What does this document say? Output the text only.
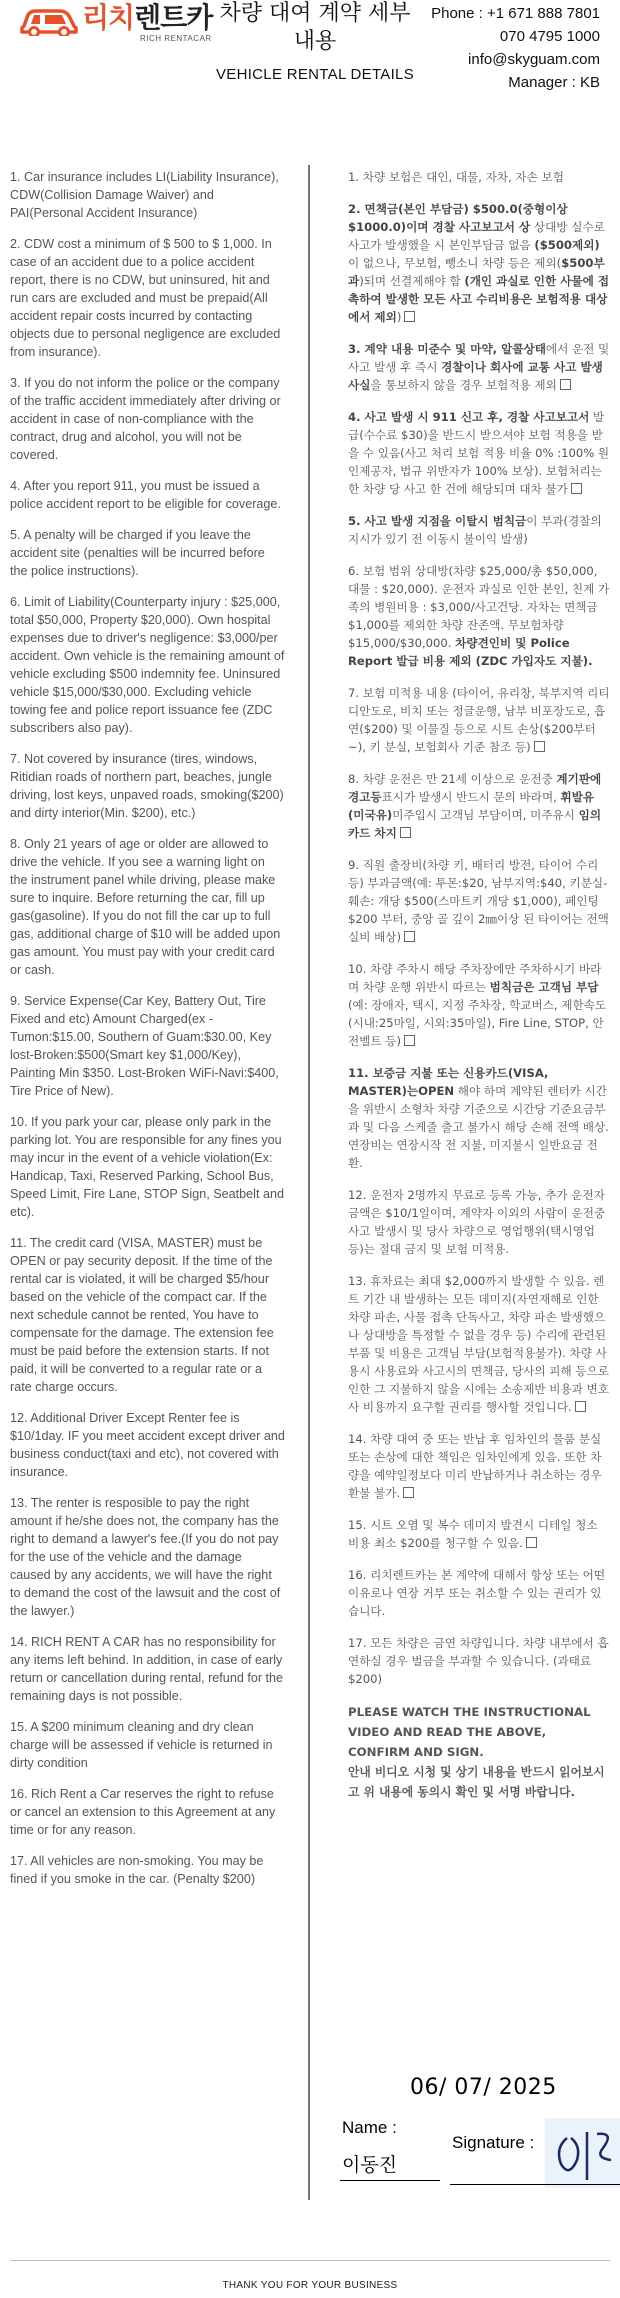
리치렌트카
RICH RENTACAR
차량 대여 계약 세부
내용
VEHICLE RENTAL DETAILS
Phone : +1 671 888 7801
070 4795 1000
info@skyguam.com
Manager : KB

1. Car insurance includes LI(Liability Insurance), CDW(Collision Damage Waiver) and PAI(Personal Accident Insurance)

2. CDW cost a minimum of $ 500 to $ 1,000. In case of an accident due to a police accident report, there is no CDW, but uninsured, hit and run cars are excluded and must be prepaid(All accident repair costs incurred by contacting objects due to personal negligence are excluded from insurance).

3. If you do not inform the police or the company of the traffic accident immediately after driving or accident in case of non-compliance with the contract, drug and alcohol, you will not be covered.

4. After you report 911, you must be issued a police accident report to be eligible for coverage.

5. A penalty will be charged if you leave the accident site (penalties will be incurred before the police instructions).

6. Limit of Liability(Counterparty injury : $25,000, total $50,000, Property $20,000). Own hospital expenses due to driver's negligence: $3,000/per accident. Own vehicle is the remaining amount of vehicle excluding $500 indemnity fee. Uninsured vehicle $15,000/$30,000. Excluding vehicle towing fee and police report issuance fee (ZDC subscribers also pay).

7. Not covered by insurance (tires, windows, Ritidian roads of northern part, beaches, jungle driving, lost keys, unpaved roads, smoking($200) and dirty interior(Min. $200), etc.)

8. Only 21 years of age or older are allowed to drive the vehicle. If you see a warning light on the instrument panel while driving, please make sure to inquire. Before returning the car, fill up gas(gasoline). If you do not fill the car up to full gas, additional charge of $10 will be added upon gas amount. You must pay with your credit card or cash.

9. Service Expense(Car Key, Battery Out, Tire Fixed and etc) Amount Charged(ex - Tumon:$15.00, Southern of Guam:$30.00, Key lost-Broken:$500(Smart key $1,000/Key), Painting Min $350. Lost-Broken WiFi-Navi:$400, Tire Price of New).

10. If you park your car, please only park in the parking lot. You are responsible for any fines you may incur in the event of a vehicle violation(Ex: Handicap, Taxi, Reserved Parking, School Bus, Speed Limit, Fire Lane, STOP Sign, Seatbelt and etc).

11. The credit card (VISA, MASTER) must be OPEN or pay security deposit. If the time of the rental car is violated, it will be charged $5/hour based on the vehicle of the compact car. If the next schedule cannot be rented, You have to compensate for the damage. The extension fee must be paid before the extension starts. If not paid, it will be converted to a regular rate or a rate charge occurs.

12. Additional Driver Except Renter fee is $10/1day. IF you meet accident except driver and business conduct(taxi and etc), not covered with insurance.

13. The renter is resposible to pay the right amount if he/she does not, the company has the right to demand a lawyer's fee.(If you do not pay for the use of the vehicle and the damage caused by any accidents, we will have the right to demand the cost of the lawsuit and the cost of the lawyer.)

14. RICH RENT A CAR has no responsibility for any items left behind. In addition, in case of early return or cancellation during rental, refund for the remaining days is not possible.

15. A $200 minimum cleaning and dry clean charge will be assessed if vehicle is returned in dirty condition

16. Rich Rent a Car reserves the right to refuse or cancel an extension to this Agreement at any time or for any reason.

17. All vehicles are non-smoking. You may be fined if you smoke in the car. (Penalty $200)

1. 차량 보험은 대인, 대물, 자차, 자손 보험
2. 면책금(본인 부담금) $500.0(중형이상 $1000.0)이며 경찰 사고보고서 상 상대방 실수로 사고가 발생했을 시 본인부담금 없음 ($500제외)이 없으나, 무보험, 뺑소니 차량 등은 제외($500부과)되며 선결제해야 함 (개인 과실로 인한 사물에 접촉하여 발생한 모든 사고 수리비용은 보험적용 대상에서 제외)
3. 계약 내용 미준수 및 마약, 알콜상태에서 운전 및 사고 발생 후 즉시 경찰이나 회사에 교통 사고 발생 사실을 통보하지 않을 경우 보험적용 제외
4. 사고 발생 시 911 신고 후, 경찰 사고보고서 발급(수수료 $30)을 반드시 받으셔야 보험 적용을 받을 수 있음(사고 처리 보험 적용 비율 0% :100% 원인제공자, 법규 위반자가 100% 보상). 보험처리는 한 차량 당 사고 한 건에 해당되며 대차 불가
5. 사고 발생 지점을 이탈시 범칙금이 부과(경찰의 지시가 있기 전 이동시 불이익 발생)
6. 보험 범위 상대방(차량 $25,000/총 $50,000, 대물 : $20,000). 운전자 과실로 인한 본인, 친계 가족의 병원비용 : $3,000/사고건당. 자차는 면책금 $1,000를 제외한 차량 잔존액. 무보험차량 $15,000/$30,000. 차량견인비 및 Police Report 발급 비용 제외 (ZDC 가입자도 지불).
7. 보험 미적용 내용 (타이어, 유리창, 북부지역 리티디안도로, 비치 또는 정글운행, 남부 비포장도로, 흡연($200) 및 이물질 등으로 시트 손상($200부터~), 키 분실, 보험회사 기준 참조 등)
8. 차량 운전은 만 21세 이상으로 운전중 계기판에 경고등표시가 발생시 반드시 문의 바라며, 휘발유(미국유)미주입시 고객님 부담이며, 미주유시 임의 카드 차지
9. 직원 출장비(차량 키, 배터리 방전, 타이어 수리등) 부과금액(예: 투몬:$20, 남부지역:$40, 키분실-훼손: 개당 $500(스마트키 개당 $1,000), 페인팅 $200 부터, 중앙 골 깊이 2㎜이상 된 타이어는 전액 실비 배상)
10. 차량 주차시 해당 주차장에만 주차하시기 바라며 차량 운행 위반시 따르는 범칙금은 고객님 부담 (예: 장애자, 택시, 지정 주차장, 학교버스, 제한속도(시내:25마일, 시외:35마일), Fire Line, STOP, 안전벨트 등)
11. 보증금 지불 또는 신용카드(VISA, MASTER)는OPEN 해야 하며 계약된 렌터카 시간을 위반시 소형차 차량 기준으로 시간당 기준요금부과 및 다음 스케줄 출고 불가시 해당 손해 전액 배상. 연장비는 연장시작 전 지불, 미지불시 일반요금 전환.
12. 운전자 2명까지 무료로 등록 가능, 추가 운전자 금액은 $10/1일이며, 계약자 이외의 사람이 운전중 사고 발생시 및 당사 차량으로 영업행위(택시영업 등)는 절대 금지 및 보험 미적용.
13. 휴차료는 최대 $2,000까지 발생할 수 있음. 렌트 기간 내 발생하는 모든 데미지(자연재해로 인한 차량 파손, 사물 접촉 단독사고, 차량 파손 발생했으나 상대방을 특정할 수 없을 경우 등) 수리에 관련된 부품 및 비용은 고객님 부담(보험적용불가). 차량 사용시 사용료와 사고시의 면책금, 당사의 피해 등으로 인한 그 지불하지 않을 시에는 소송제반 비용과 변호사 비용까지 요구할 권리를 행사할 것입니다.
14. 차량 대여 중 또는 반납 후 임차인의 물품 분실 또는 손상에 대한 책임은 임차인에게 있음. 또한 차량을 예약일정보다 미리 반납하거나 취소하는 경우 환불 불가.
15. 시트 오염 및 복수 데미지 발견시 디테일 청소 비용 최소 $200를 청구할 수 있음.
16. 리치렌트카는 본 계약에 대해서 항상 또는 어떤 이유로나 연장 거부 또는 취소할 수 있는 권리가 있습니다.
17. 모든 차량은 금연 차량입니다. 차량 내부에서 흡연하실 경우 벌금을 부과할 수 있습니다. (과태료 $200)
PLEASE WATCH THE INSTRUCTIONAL VIDEO AND READ THE ABOVE, CONFIRM AND SIGN.
안내 비디오 시청 및 상기 내용을 반드시 읽어보시고 위 내용에 동의시 확인 및 서명 바랍니다.
06/ 07/ 2025
Name :
이동진
Signature :
THANK YOU FOR YOUR BUSINESS
